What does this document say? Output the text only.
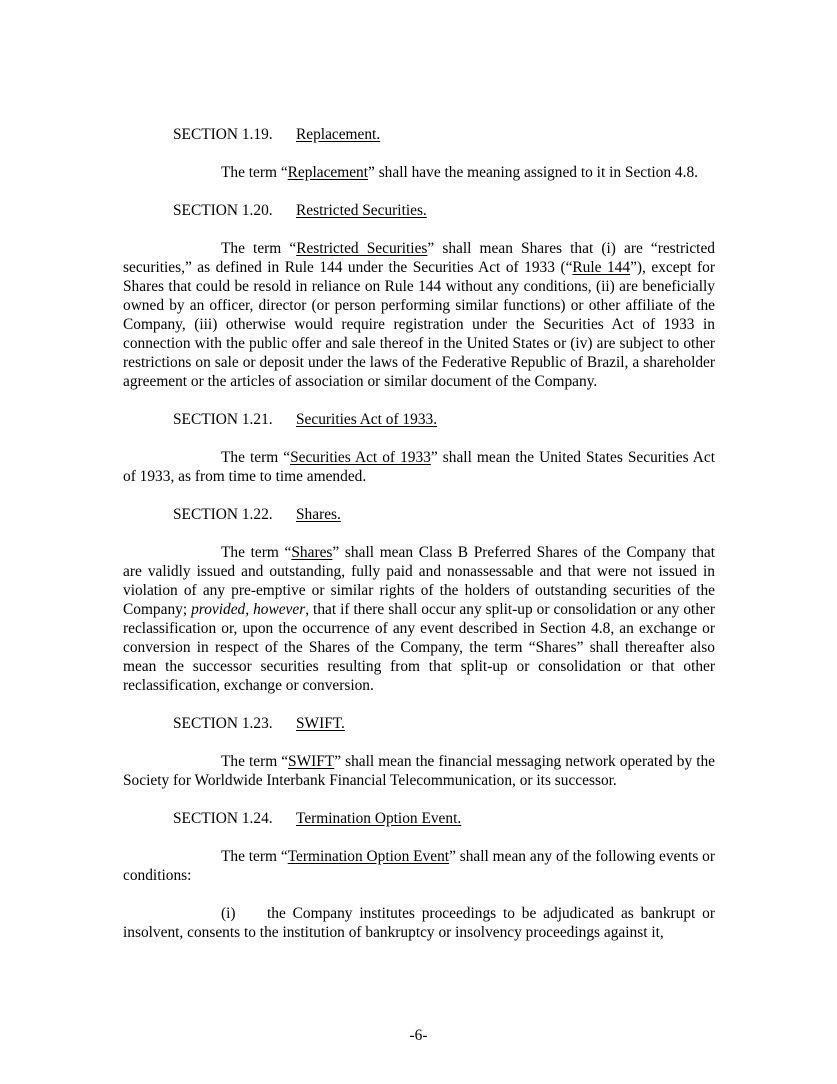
SECTION 1.19. Replacement.

The term “Replacement” shall have the meaning assigned to it in Section 4.8.

SECTION 1.20. Restricted Securities.

The term “Restricted Securities” shall mean Shares that (i) are “restricted securities,” as defined in Rule 144 under the Securities Act of 1933 (“Rule 144”), except for Shares that could be resold in reliance on Rule 144 without any conditions, (ii) are beneficially owned by an officer, director (or person performing similar functions) or other affiliate of the Company, (iii) otherwise would require registration under the Securities Act of 1933 in connection with the public offer and sale thereof in the United States or (iv) are subject to other restrictions on sale or deposit under the laws of the Federative Republic of Brazil, a shareholder agreement or the articles of association or similar document of the Company.

SECTION 1.21. Securities Act of 1933.

The term “Securities Act of 1933” shall mean the United States Securities Act of 1933, as from time to time amended.

SECTION 1.22. Shares.

The term “Shares” shall mean Class B Preferred Shares of the Company that are validly issued and outstanding, fully paid and nonassessable and that were not issued in violation of any pre-emptive or similar rights of the holders of outstanding securities of the Company; provided, however, that if there shall occur any split-up or consolidation or any other reclassification or, upon the occurrence of any event described in Section 4.8, an exchange or conversion in respect of the Shares of the Company, the term “Shares” shall thereafter also mean the successor securities resulting from that split-up or consolidation or that other reclassification, exchange or conversion.

SECTION 1.23. SWIFT.

The term “SWIFT” shall mean the financial messaging network operated by the Society for Worldwide Interbank Financial Telecommunication, or its successor.

SECTION 1.24. Termination Option Event.

The term “Termination Option Event” shall mean any of the following events or conditions:

(i) the Company institutes proceedings to be adjudicated as bankrupt or insolvent, consents to the institution of bankruptcy or insolvency proceedings against it,

-6-
